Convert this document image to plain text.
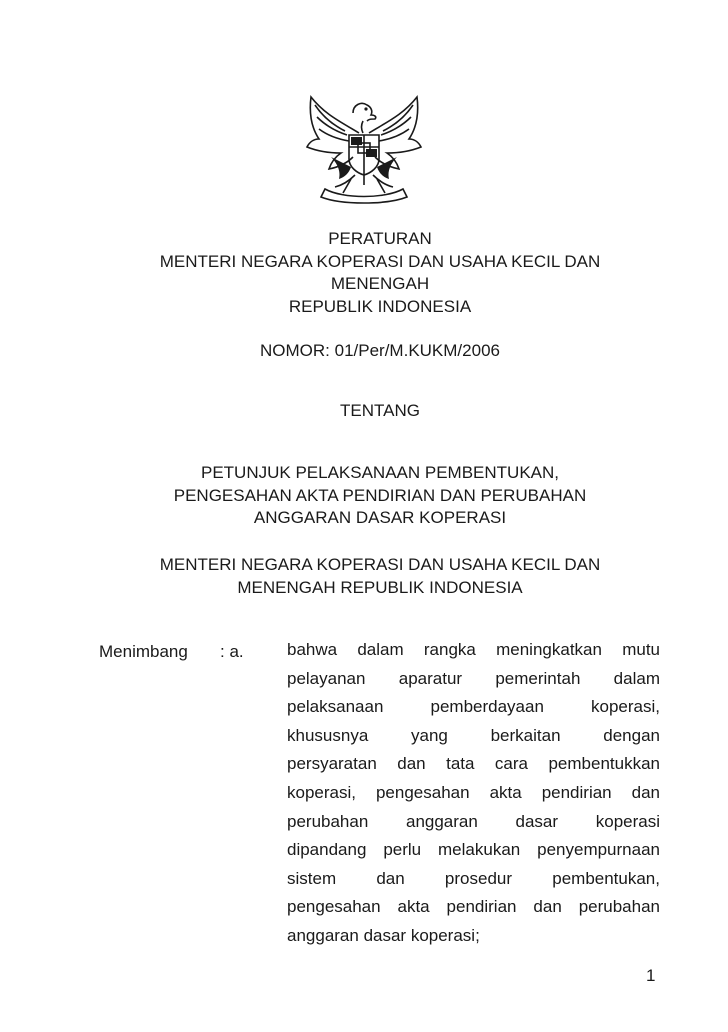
PERATURAN
MENTERI NEGARA KOPERASI DAN USAHA KECIL DAN
MENENGAH
REPUBLIK INDONESIA
NOMOR: 01/Per/M.KUKM/2006
TENTANG
PETUNJUK PELAKSANAAN PEMBENTUKAN,
PENGESAHAN AKTA PENDIRIAN DAN PERUBAHAN
ANGGARAN DASAR KOPERASI
MENTERI NEGARA KOPERASI DAN USAHA KECIL DAN
MENENGAH REPUBLIK INDONESIA
Menimbang : a.	bahwa dalam rangka meningkatkan mutu
pelayanan aparatur pemerintah dalam
pelaksanaan pemberdayaan koperasi,
khususnya yang berkaitan dengan
persyaratan dan tata cara pembentukkan
koperasi, pengesahan akta pendirian dan
perubahan anggaran dasar koperasi
dipandang perlu melakukan penyempurnaan
sistem dan prosedur pembentukan,
pengesahan akta pendirian dan perubahan
anggaran dasar koperasi;
1
